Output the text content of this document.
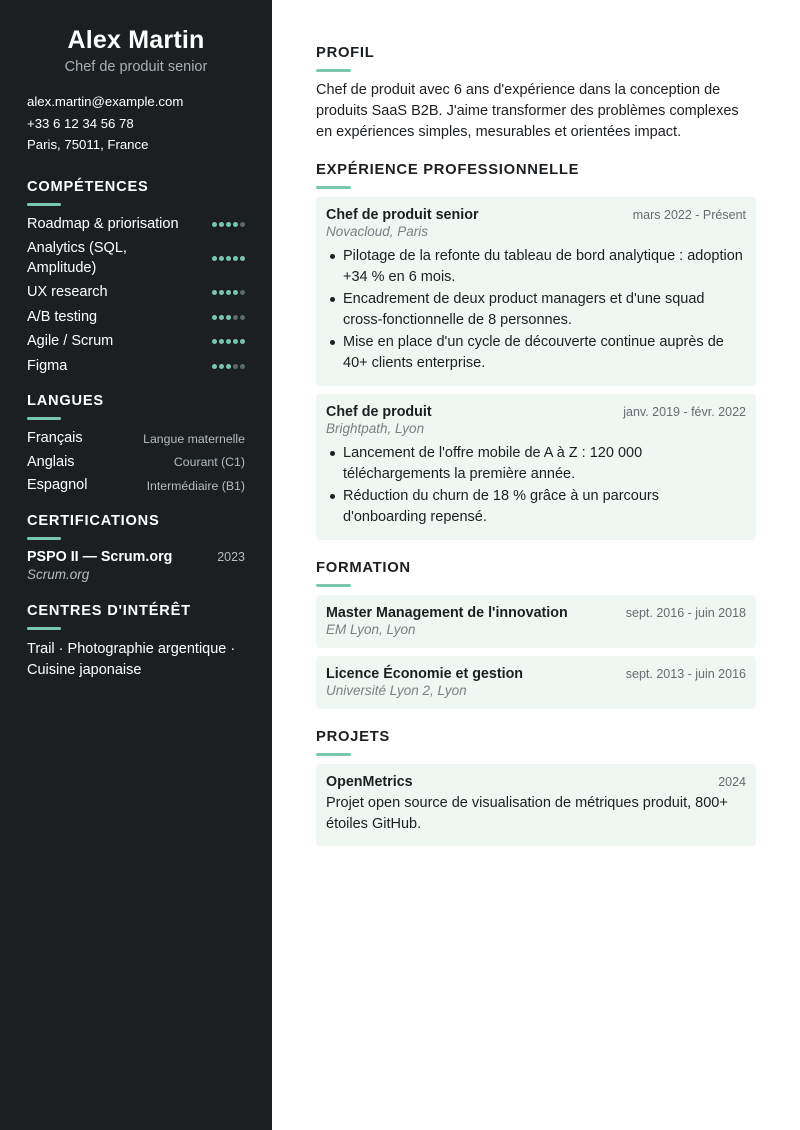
Alex Martin
Chef de produit senior
alex.martin@example.com
+33 6 12 34 56 78
Paris, 75011, France
COMPÉTENCES
Roadmap & priorisation
Analytics (SQL, Amplitude)
UX research
A/B testing
Agile / Scrum
Figma
LANGUES
Français	Langue maternelle
Anglais	Courant (C1)
Espagnol	Intermédiaire (B1)
CERTIFICATIONS
PSPO II — Scrum.org	2023
Scrum.org
CENTRES D'INTÉRÊT
Trail · Photographie argentique · Cuisine japonaise
PROFIL

Chef de produit avec 6 ans d'expérience dans la conception de produits SaaS B2B. J'aime transformer des problèmes complexes en expériences simples, mesurables et orientées impact.

EXPÉRIENCE PROFESSIONNELLE
Chef de produit senior	mars 2022 - Présent
Novacloud, Paris
Pilotage de la refonte du tableau de bord analytique : adoption +34 % en 6 mois.
Encadrement de deux product managers et d'une squad cross-fonctionnelle de 8 personnes.
Mise en place d'un cycle de découverte continue auprès de 40+ clients enterprise.
Chef de produit	janv. 2019 - févr. 2022
Brightpath, Lyon
Lancement de l'offre mobile de A à Z : 120 000 téléchargements la première année.
Réduction du churn de 18 % grâce à un parcours d'onboarding repensé.
FORMATION
Master Management de l'innovation	sept. 2016 - juin 2018
EM Lyon, Lyon
Licence Économie et gestion	sept. 2013 - juin 2016
Université Lyon 2, Lyon
PROJETS
OpenMetrics	2024

Projet open source de visualisation de métriques produit, 800+ étoiles GitHub.
